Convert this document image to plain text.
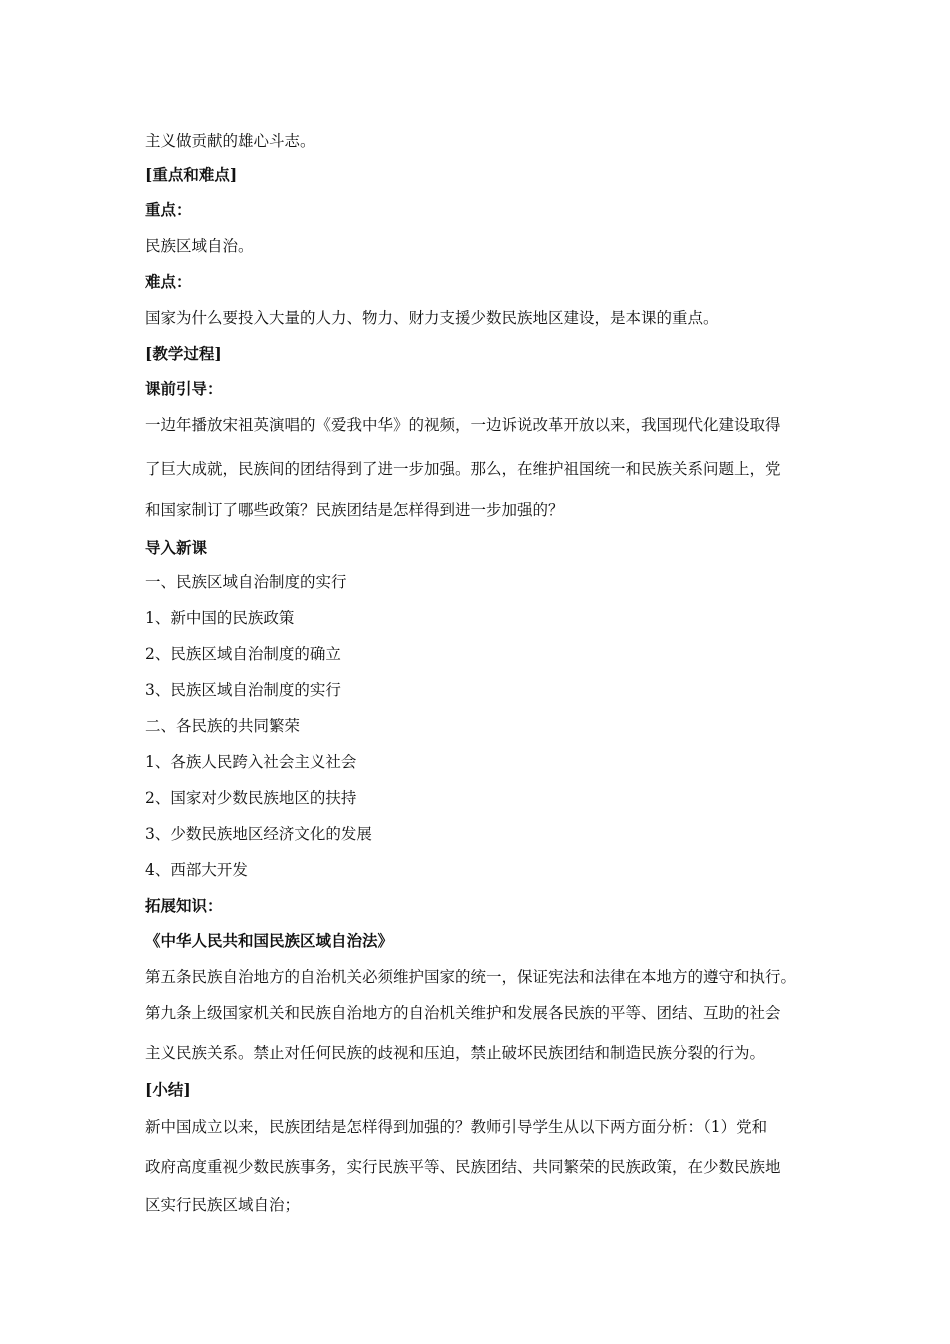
主义做贡献的雄心斗志。
[重点和难点]
重点：
民族区域自治。
难点：
国家为什么要投入大量的人力、物力、财力支援少数民族地区建设，是本课的重点。
[教学过程]
课前引导：
一边年播放宋祖英演唱的《爱我中华》的视频，一边诉说改革开放以来，我国现代化建设取得
了巨大成就，民族间的团结得到了进一步加强。那么，在维护祖国统一和民族关系问题上，党
和国家制订了哪些政策？民族团结是怎样得到进一步加强的？
导入新课
一、民族区域自治制度的实行
1、新中国的民族政策
2、民族区域自治制度的确立
3、民族区域自治制度的实行
二、各民族的共同繁荣
1、各族人民跨入社会主义社会
2、国家对少数民族地区的扶持
3、少数民族地区经济文化的发展
4、西部大开发
拓展知识：
《中华人民共和国民族区域自治法》
第五条民族自治地方的自治机关必须维护国家的统一，保证宪法和法律在本地方的遵守和执行。
第九条上级国家机关和民族自治地方的自治机关维护和发展各民族的平等、团结、互助的社会
主义民族关系。禁止对任何民族的歧视和压迫，禁止破坏民族团结和制造民族分裂的行为。
[小结]
新中国成立以来，民族团结是怎样得到加强的？教师引导学生从以下两方面分析：（1）党和
政府高度重视少数民族事务，实行民族平等、民族团结、共同繁荣的民族政策，在少数民族地
区实行民族区域自治；
